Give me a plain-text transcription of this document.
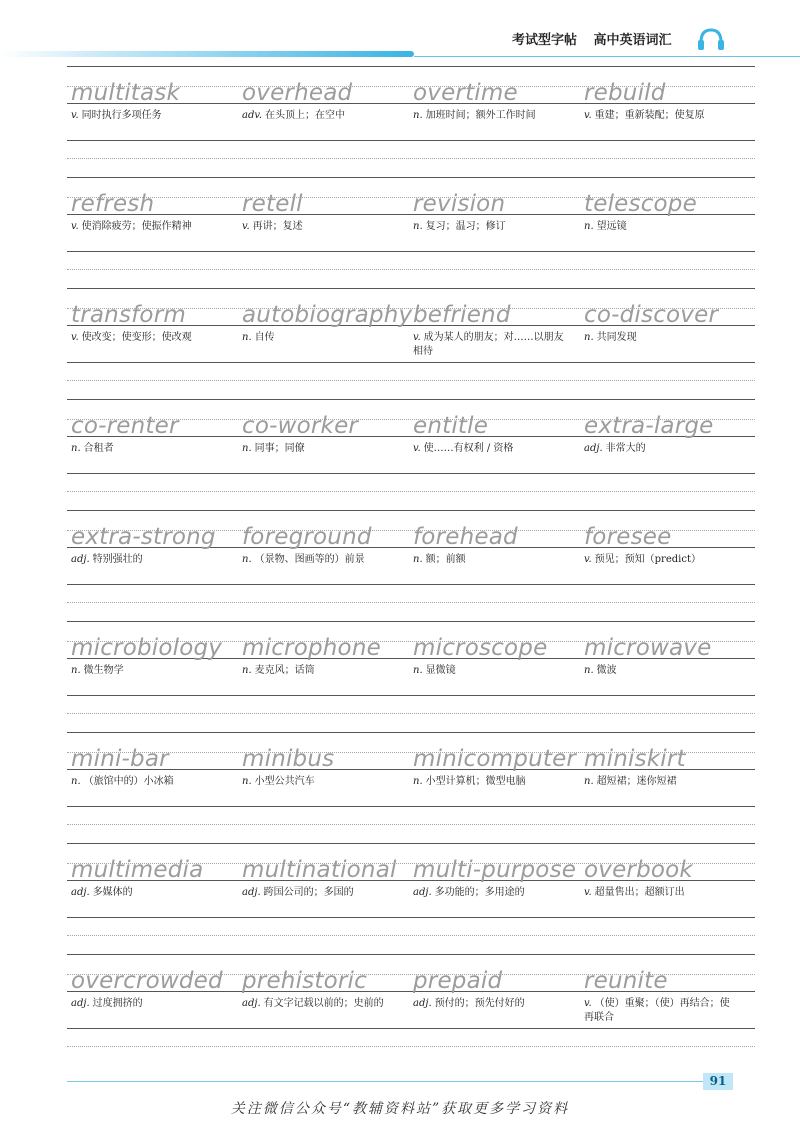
考试型字帖 高中英语词汇
multitask
v. 同时执行多项任务
overhead
adv. 在头顶上；在空中
overtime
n. 加班时间；额外工作时间
rebuild
v. 重建；重新装配；使复原
refresh
v. 使消除疲劳；使振作精神
retell
v. 再讲；复述
revision
n. 复习；温习；修订
telescope
n. 望远镜
transform
v. 使改变；使变形；使改观
autobiography
n. 自传
befriend
v. 成为某人的朋友；对……以朋友相待
co-discover
n. 共同发现
co-renter
n. 合租者
co-worker
n. 同事；同僚
entitle
v. 使……有权利 / 资格
extra-large
adj. 非常大的
extra-strong
adj. 特别强壮的
foreground
n. （景物、图画等的）前景
forehead
n. 额；前额
foresee
v. 预见；预知（predict）
microbiology
n. 微生物学
microphone
n. 麦克风；话筒
microscope
n. 显微镜
microwave
n. 微波
mini-bar
n. （旅馆中的）小冰箱
minibus
n. 小型公共汽车
minicomputer
n. 小型计算机；微型电脑
miniskirt
n. 超短裙；迷你短裙
multimedia
adj. 多媒体的
multinational
adj. 跨国公司的；多国的
multi-purpose
adj. 多功能的；多用途的
overbook
v. 超量售出；超额订出
overcrowded
adj. 过度拥挤的
prehistoric
adj. 有文字记载以前的；史前的
prepaid
adj. 预付的；预先付好的
reunite
v. （使）重聚；（使）再结合；使再联合
91
关注微信公众号“教辅资料站”获取更多学习资料
